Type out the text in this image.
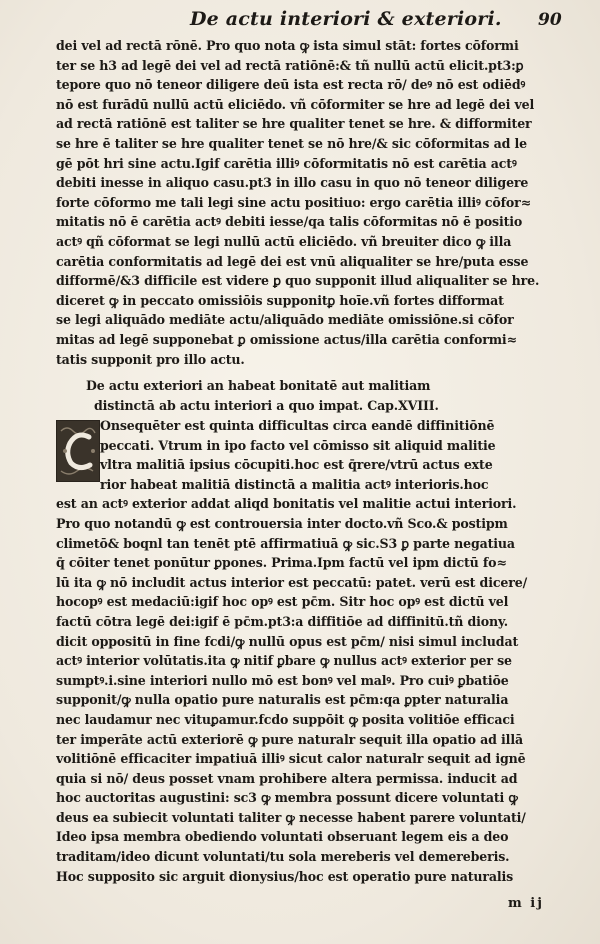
De actu interiori & exteriori. 90
dei vel ad rectā rōnē. Pro quo nota ꝙ ista simul stāt: fortes cōformi
ter se h3 ad legē dei vel ad rectā ratiōnē:& tñ nullū actū elicit.pt3:ꝑ
tepore quo nō teneor diligere deū ista est recta rō/ deꝰ nō est odiēdꝰ
nō est furādū nullū actū eliciēdo. vñ cōformiter se hre ad legē dei vel
ad rectā ratiōnē est taliter se hre qualiter tenet se hre. & difformiter
se hre ē taliter se hre qualiter tenet se nō hre/& sic cōformitas ad le
gē pōt hri sine actu.Igif carētia illiꝰ cōformitatis nō est carētia actꝰ
debiti inesse in aliquo casu.pt3 in illo casu in quo nō teneor diligere
forte cōformo me tali legi sine actu positiuo: ergo carētia illiꝰ cōfor≈
mitatis nō ē carētia actꝰ debiti iesse/qa talis cōformitas nō ē positio
actꝰ qñ cōformat se legi nullū actū eliciēdo. vñ breuiter dico ꝙ illa
carētia conformitatis ad legē dei est vnū aliqualiter se hre/puta esse
difformē/&3 difficile est videre ꝑ quo supponit illud aliqualiter se hre.
diceret ꝙ in peccato omissiōis supponitꝑ hoīe.vñ fortes difformat
se legi aliquādo mediāte actu/aliquādo mediāte omissiōne.si cōfor
mitas ad legē supponebat ꝑ omissione actus/illa carētia conformi≈
tatis supponit pro illo actu.
De actu exteriori an habeat bonitatē aut malitiam
distinctā ab actu interiori a quo impat. Cap.XVIII.
Onsequēter est quinta difficultas circa eandē diffinitiōnē
peccati. Vtrum in ipo facto vel cōmisso sit aliquid malitie
vltra malitiā ipsius cōcupiti.hoc est q̄rere/vtrū actus exte
rior habeat malitiā distinctā a malitia actꝰ interioris.hoc
est an actꝰ exterior addat aliqd bonitatis vel malitie actui interiori.
Pro quo notandū ꝙ est controuersia inter docto.vñ Sco.& postipm
climetō& boqnl tan tenēt ptē affirmatiuā ꝙ sic.S3 ꝑ parte negatiua
q̄ cōiter tenet ponūtur ꝑpones. Prima.Ipm factū vel ipm dictū fo≈
lū ita ꝙ nō includit actus interior est peccatū: patet. verū est dicere/
hocopꝰ est medaciū:igif hoc opꝰ est pc̄m. Sitr hoc opꝰ est dictū vel
factū cōtra legē dei:igif ē pc̄m.pt3:a diffitiōe ad diffinitū.tñ diony.
dicit oppositū in fine fcdi/ꝙ nullū opus est pc̄m/ nisi simul includat
actꝰ interior volūtatis.ita ꝙ nitif ꝑbare ꝙ nullus actꝰ exterior per se
sumptꝰ.i.sine interiori nullo mō est bonꝰ vel malꝰ. Pro cuiꝰ ꝑbatiōe
supponit/ꝙ nulla opatio pure naturalis est pc̄m:qa ꝑpter naturalia
nec laudamur nec vituꝑamur.fcdo suppōit ꝙ posita volitiōe efficaci
ter imperāte actū exteriorē ꝙ pure naturalr sequit illa opatio ad illā
volitiōnē efficaciter impatiuā illiꝰ sicut calor naturalr sequit ad ignē
quia si nō/ deus posset vnam prohibere altera permissa. inducit ad
hoc auctoritas augustini: sc3 ꝙ membra possunt dicere voluntati ꝙ
deus ea subiecit voluntati taliter ꝙ necesse habent parere voluntati/
Ideo ipsa membra obediendo voluntati obseruant legem eis a deo
traditam/ideo dicunt voluntati/tu sola mereberis vel demereberis.
Hoc supposito sic arguit dionysius/hoc est operatio pure naturalis
m ij
